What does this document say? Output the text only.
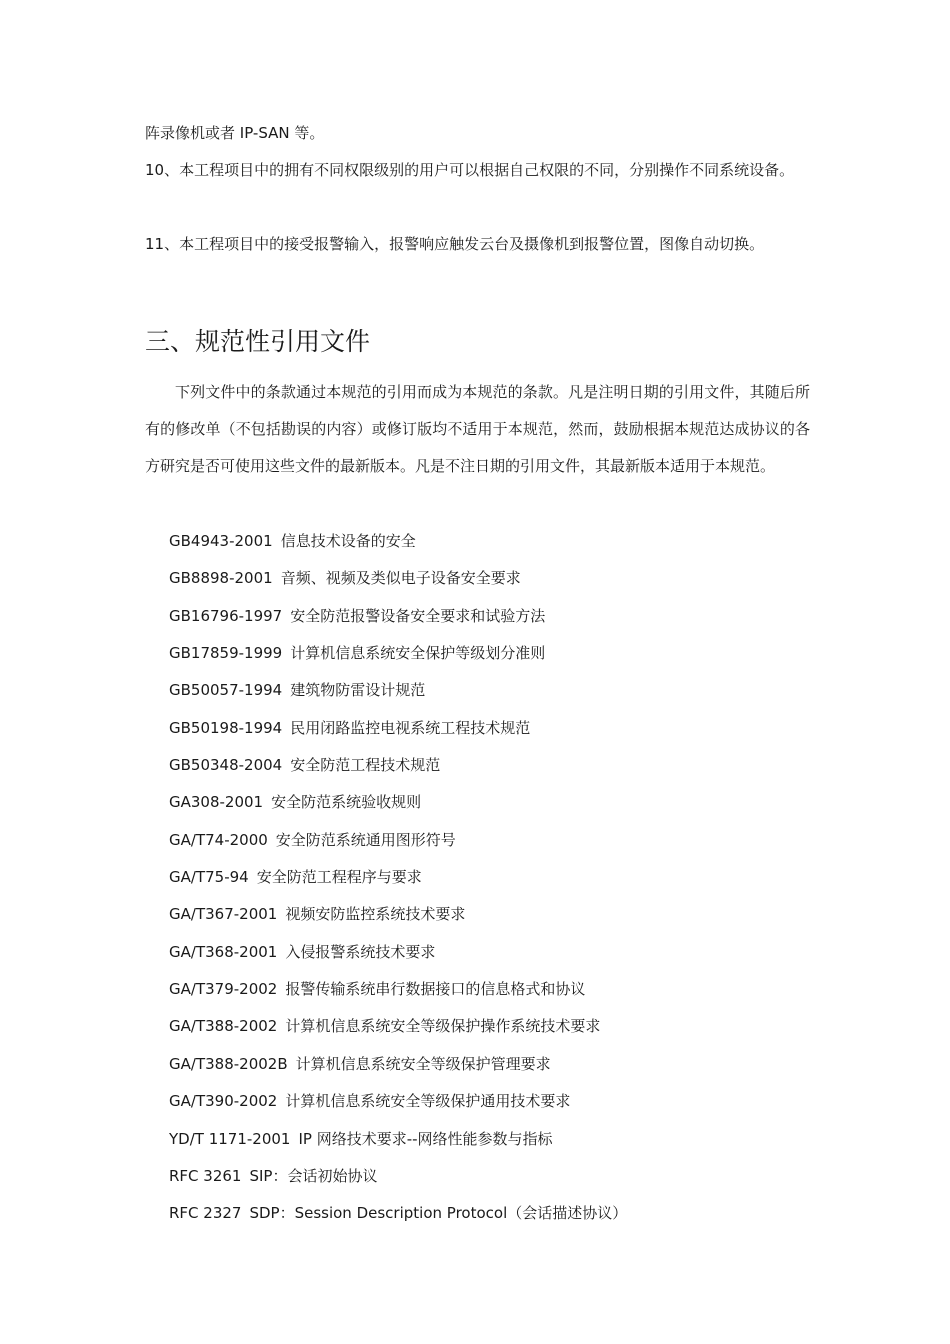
阵录像机或者 IP-SAN 等。

10、本工程项目中的拥有不同权限级别的用户可以根据自己权限的不同，分别操作不同系统设备。

11、本工程项目中的接受报警输入，报警响应触发云台及摄像机到报警位置，图像自动切换。

三、规范性引用文件

下列文件中的条款通过本规范的引用而成为本规范的条款。凡是注明日期的引用文件，其随后所有的修改单（不包括勘误的内容）或修订版均不适用于本规范，然而，鼓励根据本规范达成协议的各方研究是否可使用这些文件的最新版本。凡是不注日期的引用文件，其最新版本适用于本规范。

GB4943-2001 信息技术设备的安全
GB8898-2001 音频、视频及类似电子设备安全要求
GB16796-1997 安全防范报警设备安全要求和试验方法
GB17859-1999 计算机信息系统安全保护等级划分准则
GB50057-1994 建筑物防雷设计规范
GB50198-1994 民用闭路监控电视系统工程技术规范
GB50348-2004 安全防范工程技术规范
GA308-2001 安全防范系统验收规则
GA/T74-2000 安全防范系统通用图形符号
GA/T75-94 安全防范工程程序与要求
GA/T367-2001 视频安防监控系统技术要求
GA/T368-2001 入侵报警系统技术要求
GA/T379-2002 报警传输系统串行数据接口的信息格式和协议
GA/T388-2002 计算机信息系统安全等级保护操作系统技术要求
GA/T388-2002B 计算机信息系统安全等级保护管理要求
GA/T390-2002 计算机信息系统安全等级保护通用技术要求
YD/T 1171-2001 IP 网络技术要求--网络性能参数与指标
RFC 3261 SIP：会话初始协议
RFC 2327 SDP：Session Description Protocol（会话描述协议）
